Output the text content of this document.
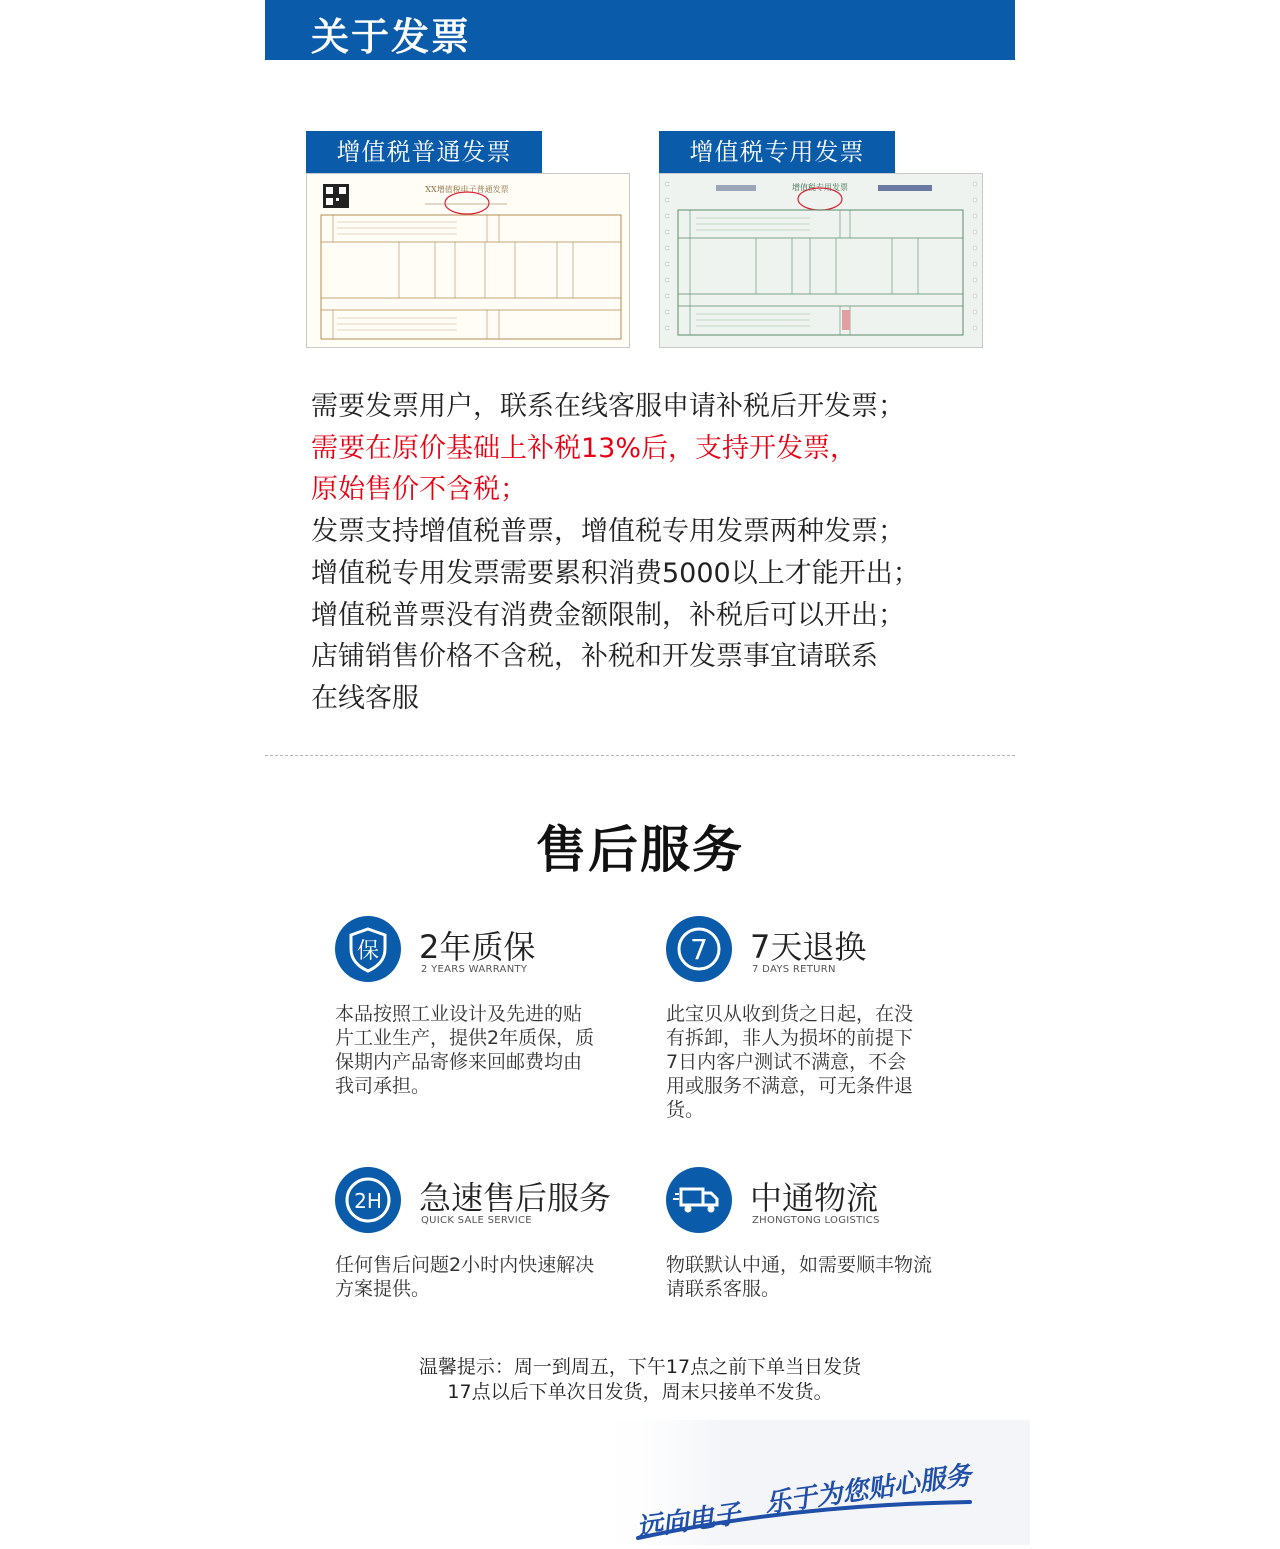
关于发票
增值税普通发票
XX增值税电子普通发票
增值税专用发票
增值税专用发票
需要发票用户，联系在线客服申请补税后开发票；
需要在原价基础上补税13%后，支持开发票，
原始售价不含税；
发票支持增值税普票，增值税专用发票两种发票；
增值税专用发票需要累积消费5000以上才能开出；
增值税普票没有消费金额限制，补税后可以开出；
店铺销售价格不含税，补税和开发票事宜请联系
在线客服
售后服务
保 2年质保
2 YEARS WARRANTY
本品按照工业设计及先进的贴
片工业生产，提供2年质保，质
保期内产品寄修来回邮费均由
我司承担。
7 7天退换
7 DAYS RETURN
此宝贝从收到货之日起，在没
有拆卸，非人为损坏的前提下
7日内客户测试不满意，不会
用或服务不满意，可无条件退
货。
2H 急速售后服务
QUICK SALE SERVICE
任何售后问题2小时内快速解决
方案提供。
中通物流
ZHONGTONG LOGISTICS
物联默认中通，如需要顺丰物流
请联系客服。
温馨提示：周一到周五，下午17点之前下单当日发货
17点以后下单次日发货，周末只接单不发货。
远向电子
乐于为您贴心服务
